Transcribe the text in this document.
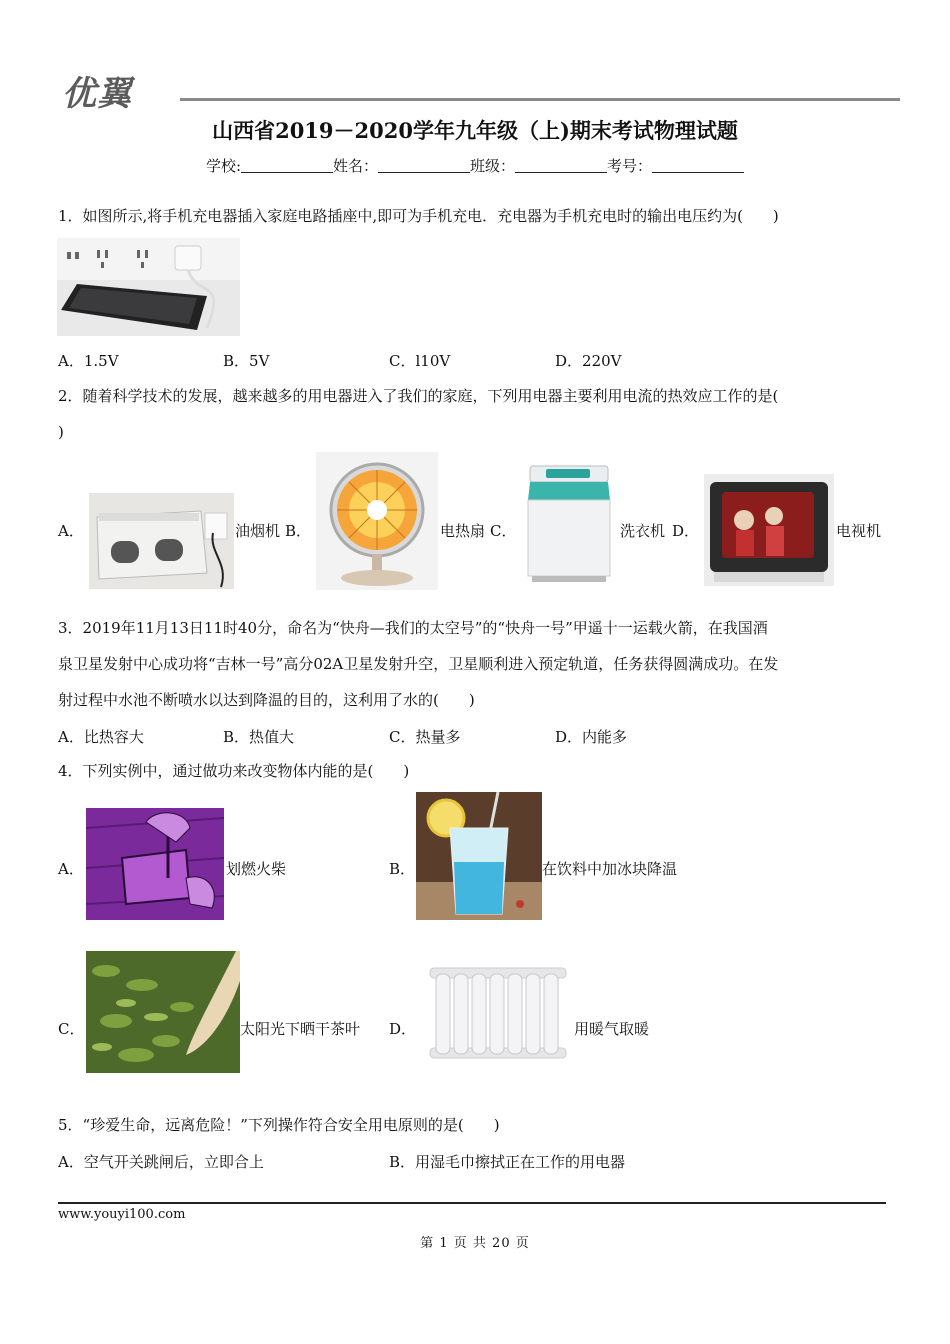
优翼
山西省2019－2020学年九年级（上)期末考试物理试题
学校:	姓名：	班级：	考号：
1．如图所示,将手机充电器插入家庭电路插座中,即可为手机充电．充电器为手机充电时的输出电压约为(　　)
A．1.5V	B．5V	C．l10V	D．220V
2．随着科学技术的发展，越来越多的用电器进入了我们的家庭，下列用电器主要利用电流的热效应工作的是(
)
A．	油烟机 B．	电热扇 C．	洗衣机 D．	电视机
3．2019年11月13日11时40分，命名为“快舟—我们的太空号”的“快舟一号”甲遥十一运载火箭，在我国酒
泉卫星发射中心成功将“吉林一号”高分02A卫星发射升空，卫星顺利进入预定轨道，任务获得圆满成功。在发
射过程中水池不断喷水以达到降温的目的，这利用了水的(　　)
A．比热容大	B．热值大	C．热量多	D．内能多
4．下列实例中，通过做功来改变物体内能的是(　　)
A．	划燃火柴	B．	在饮料中加冰块降温
C．	太阳光下晒干茶叶 D．	用暖气取暖
5．“珍爱生命，远离危险！”下列操作符合安全用电原则的是(　　)
A．空气开关跳闸后，立即合上	B．用湿毛巾擦拭正在工作的用电器
www.youyi100.com
第 1 页 共 20 页
